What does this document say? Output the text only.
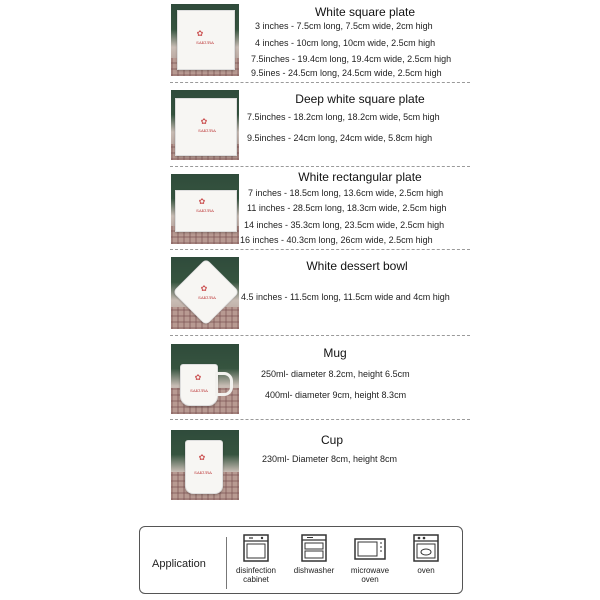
✿
SAKURA
White square plate
3 inches - 7.5cm long, 7.5cm wide, 2cm high
4 inches - 10cm long, 10cm wide, 2.5cm high
7.5inches - 19.4cm long, 19.4cm wide, 2.5cm high
9.5ines - 24.5cm long, 24.5cm wide, 2.5cm high
✿
SAKURA
Deep white square plate
7.5inches - 18.2cm long, 18.2cm wide, 5cm high
9.5inches - 24cm long, 24cm wide, 5.8cm high
✿
SAKURA
White rectangular plate
7 inches - 18.5cm long, 13.6cm wide, 2.5cm high
11 inches - 28.5cm long, 18.3cm wide, 2.5cm high
14 inches - 35.3cm long, 23.5cm wide, 2.5cm high
16 inches - 40.3cm long, 26cm wide, 2.5cm high
✿
SAKURA
White dessert bowl
4.5 inches - 11.5cm long, 11.5cm wide and 4cm high
✿
SAKURA
Mug
250ml- diameter 8.2cm, height 6.5cm
400ml- diameter 9cm, height 8.3cm
✿
SAKURA
Cup
230ml- Diameter 8cm, height 8cm
Application
disinfection
cabinet
dishwasher	microwave
oven
oven
